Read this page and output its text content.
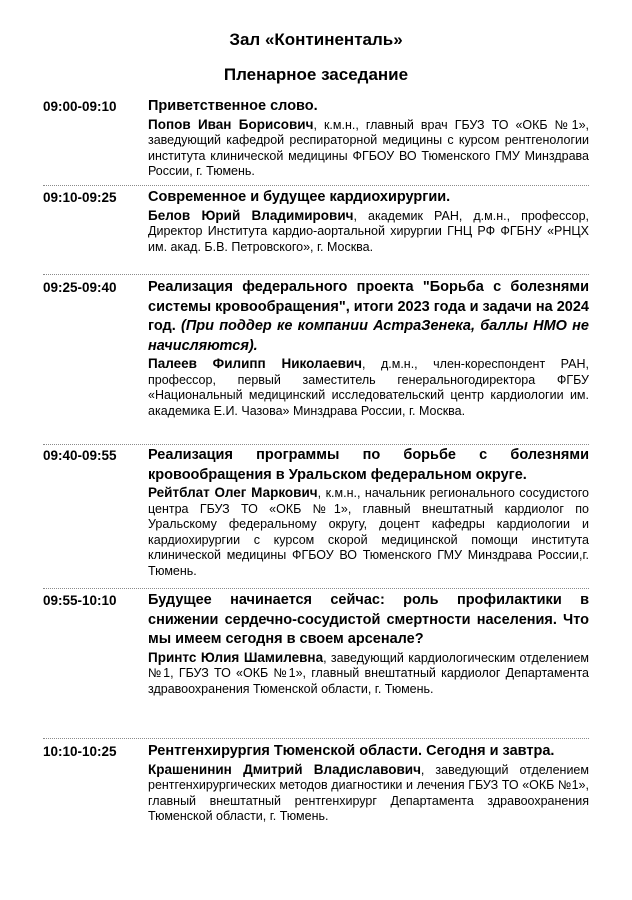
Зал «Континенталь»
Пленарное заседание
09:00-09:10	Приветственное слово.

Попов Иван Борисович, к.м.н., главный врач ГБУЗ ТО «ОКБ №1», заведующий кафедрой респираторной медицины с курсом рентгенологии института клинической медицины ФГБОУ ВО Тюменского ГМУ Минздрава России, г. Тюмень.

09:10-09:25	Современное и будущее кардиохирургии.

Белов Юрий Владимирович, академик РАН, д.м.н., профессор, Директор Института кардио-аортальной хирургии ГНЦ РФ ФГБНУ «РНЦХ им. акад. Б.В. Петровского», г. Москва.

09:25-09:40	Реализация федерального проекта "Борьба с болезнями системы кровообращения", итоги 2023 года и задачи на 2024 год. (При поддер ке компании АстраЗенека, баллы НМО не начисляются).

Палеев Филипп Николаевич, д.м.н., член-кореспондент РАН, профессор, первый заместитель генеральногодиректора ФГБУ «Национальный медицинский исследовательский центр кардиологии им. академика Е.И. Чазова» Минздрава России, г. Москва.

09:40-09:55	Реализация программы по борьбе с болезнями кровообращения в Уральском федеральном округе.

Рейтблат Олег Маркович, к.м.н., начальник регионального сосудистого центра ГБУЗ ТО «ОКБ №1», главный внештатный кардиолог по Уральскому федеральному округу, доцент кафедры кардиологии и кардиохирургии с курсом скорой медицинской помощи института клинической медицины ФГБОУ ВО Тюменского ГМУ Минздрава России,г. Тюмень.

09:55-10:10	Будущее начинается сейчас: роль профилактики в снижении сердечно-сосудистой смертности населения. Что мы имеем сегодня в своем арсенале?

Принтс Юлия Шамилевна, заведующий кардиологическим отделением №1, ГБУЗ ТО «ОКБ №1», главный внештатный кардиолог Департамента здравоохранения Тюменской области, г. Тюмень.

10:10-10:25	Рентгенхирургия Тюменской области. Сегодня и завтра.

Крашенинин Дмитрий Владиславович, заведующий отделением рентгенхирургических методов диагностики и лечения ГБУЗ ТО «ОКБ №1», главный внештатный рентгенхирург Департамента здравоохранения Тюменской области, г. Тюмень.
